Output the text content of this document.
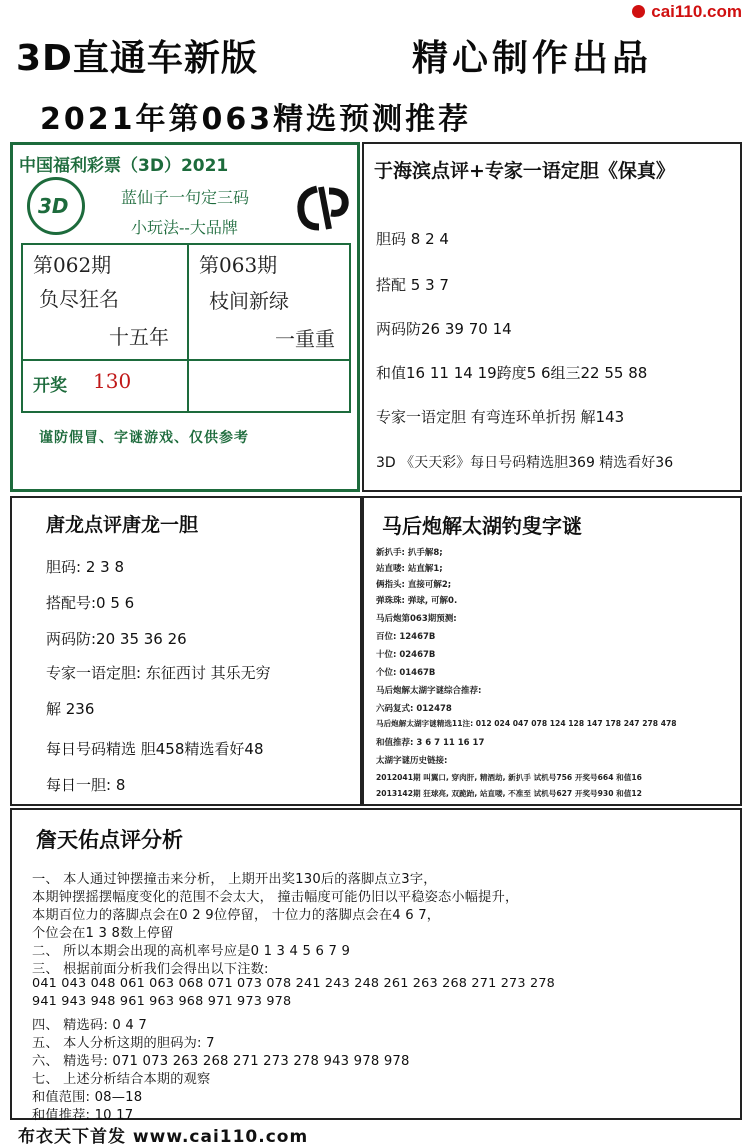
cai110.com
3D直通车新版	精心制作出品
2021年第063精选预测推荐
中国福利彩票（3D）2021
3D	蓝仙子一句定三码
小玩法--大品牌
第062期
负尽狂名
十五年
第063期
枝间新绿
一重重
开奖 130
谨防假冒、字谜游戏、仅供参考
于海滨点评+专家一语定胆《保真》
胆码 8 2 4
搭配 5 3 7
两码防26 39 70 14
和值16 11 14 19跨度5 6组三22 55 88
专家一语定胆 有弯连环单折拐 解143
3D 《天天彩》每日号码精选胆369 精选看好36
唐龙点评唐龙一胆
胆码: 2 3 8
搭配号:0 5 6
两码防:20 35 36 26
专家一语定胆: 东征西讨 其乐无穷
解 236
每日号码精选 胆458精选看好48
每日一胆: 8
马后炮解太湖钓叟字谜
新扒手: 扒手解8;
站直喽: 站直解1;
俩指头: 直接可解2;
弹珠珠: 弹球, 可解0.
马后炮第063期预测:
百位: 12467B
十位: 02467B
个位: 01467B
马后炮解太湖字谜综合推荐:
六码复式: 012478
马后炮解太湖字谜精选11注: 012 024 047 078 124 128 147 178 247 278 478
和值推荐: 3 6 7 11 16 17
太湖字谜历史链接:
2012041期 叫翼口, 穿肉肝, 精酒劫, 新扒手 试机号756 开奖号664 和值16
2013142期 狂球亮, 双跪跆, 站直喽, 不准至 试机号627 开奖号930 和值12
詹天佑点评分析
一、 本人通过钟摆撞击来分析， 上期开出奖130后的落脚点立3字，
本期钟摆摇摆幅度变化的范围不会太大， 撞击幅度可能仍旧以平稳姿态小幅提升，
本期百位力的落脚点会在0 2 9位停留， 十位力的落脚点会在4 6 7，
个位会在1 3 8数上停留
二、 所以本期会出现的高机率号应是0 1 3 4 5 6 7 9
三、 根据前面分析我们会得出以下注数:
041 043 048 061 063 068 071 073 078 241 243 248 261 263 268 271 273 278
941 943 948 961 963 968 971 973 978
四、 精选码: 0 4 7
五、 本人分析这期的胆码为: 7
六、 精选号: 071 073 263 268 271 273 278 943 978 978
七、 上述分析结合本期的观察
和值范围: 08—18
和值推荐: 10 17
布衣天下首发 www.cai110.com
